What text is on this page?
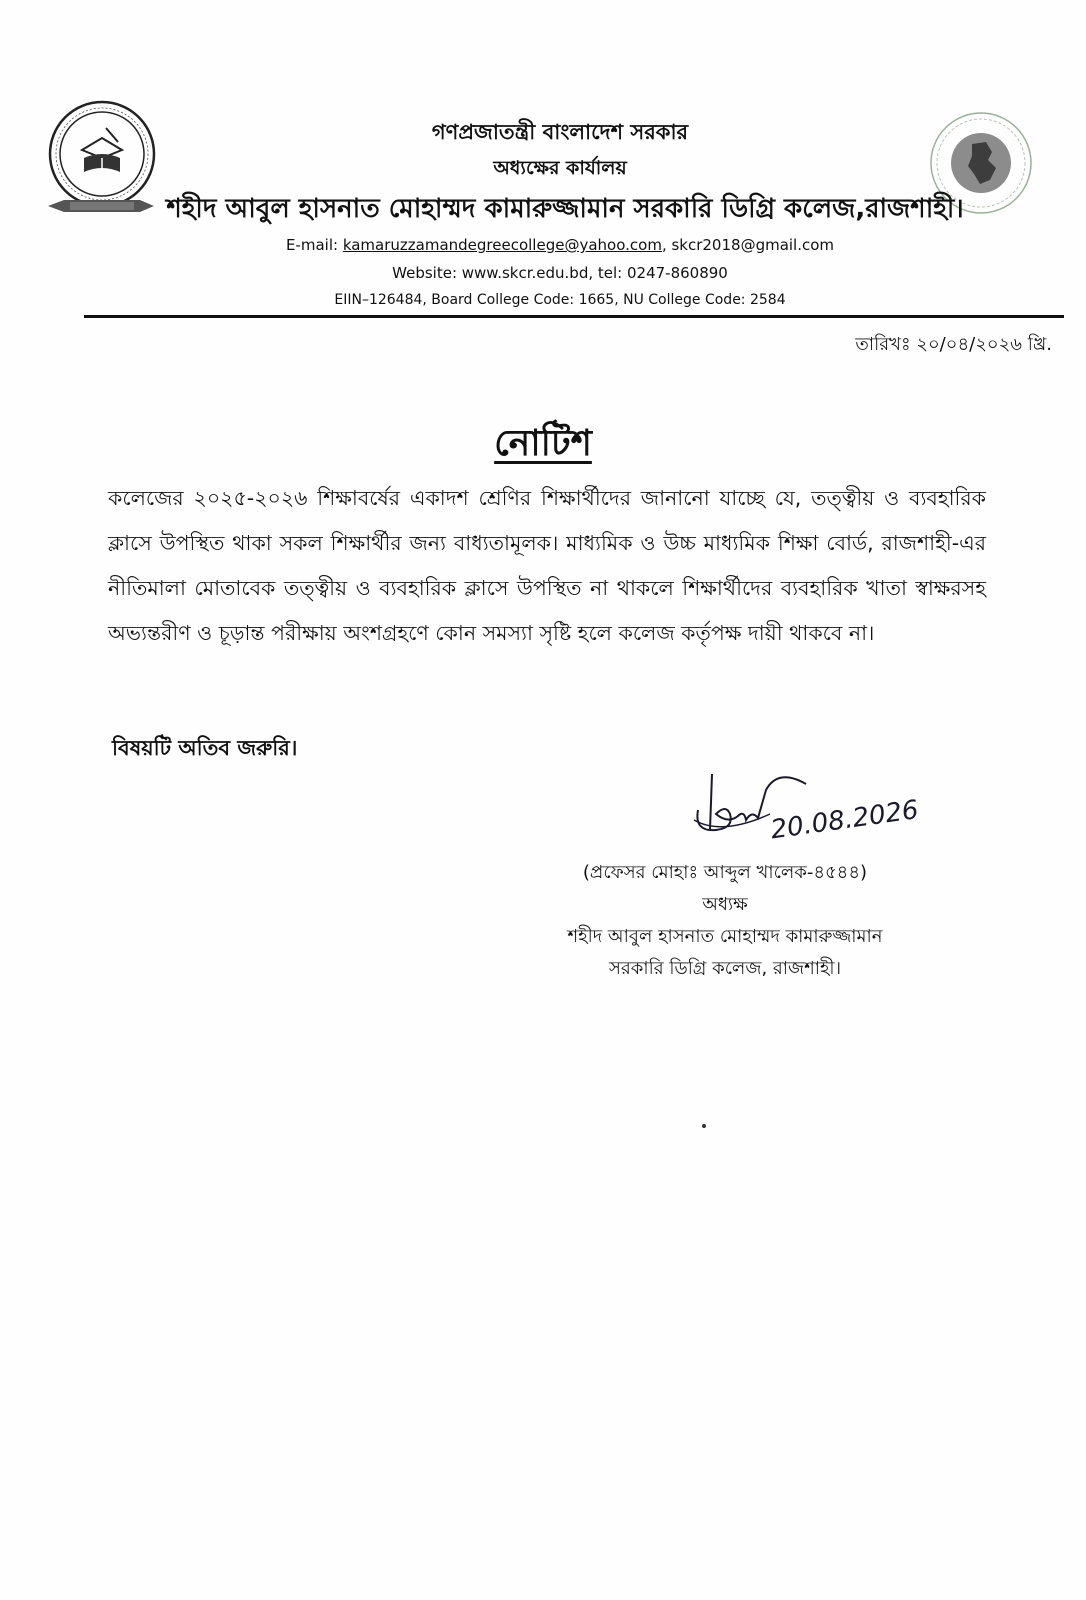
গণপ্রজাতন্ত্রী বাংলাদেশ সরকার
অধ্যক্ষের কার্যালয়
শহীদ আবুল হাসনাত মোহাম্মদ কামারুজ্জামান সরকারি ডিগ্রি কলেজ,রাজশাহী।
E-mail: kamaruzzamandegreecollege@yahoo.com, skcr2018@gmail.com
Website: www.skcr.edu.bd, tel: 0247-860890
EIIN–126484, Board College Code: 1665, NU College Code: 2584
তারিখঃ ২০/০৪/২০২৬ খ্রি.
নোটিশ

কলেজের ২০২৫-২০২৬ শিক্ষাবর্ষের একাদশ শ্রেণির শিক্ষার্থীদের জানানো যাচ্ছে যে, তত্ত্বীয় ও ব্যবহারিক ক্লাসে উপস্থিত থাকা সকল শিক্ষার্থীর জন্য বাধ্যতামূলক। মাধ্যমিক ও উচ্চ মাধ্যমিক শিক্ষা বোর্ড, রাজশাহী-এর নীতিমালা মোতাবেক তত্ত্বীয় ও ব্যবহারিক ক্লাসে উপস্থিত না থাকলে শিক্ষার্থীদের ব্যবহারিক খাতা স্বাক্ষরসহ অভ্যন্তরীণ ও চূড়ান্ত পরীক্ষায় অংশগ্রহণে কোন সমস্যা সৃষ্টি হলে কলেজ কর্তৃপক্ষ দায়ী থাকবে না।

বিষয়টি অতিব জরুরি।
20.08.2026
(প্রফেসর মোহাঃ আব্দুল খালেক-৪৫৪৪)
অধ্যক্ষ
শহীদ আবুল হাসনাত মোহাম্মদ কামারুজ্জামান
সরকারি ডিগ্রি কলেজ, রাজশাহী।
